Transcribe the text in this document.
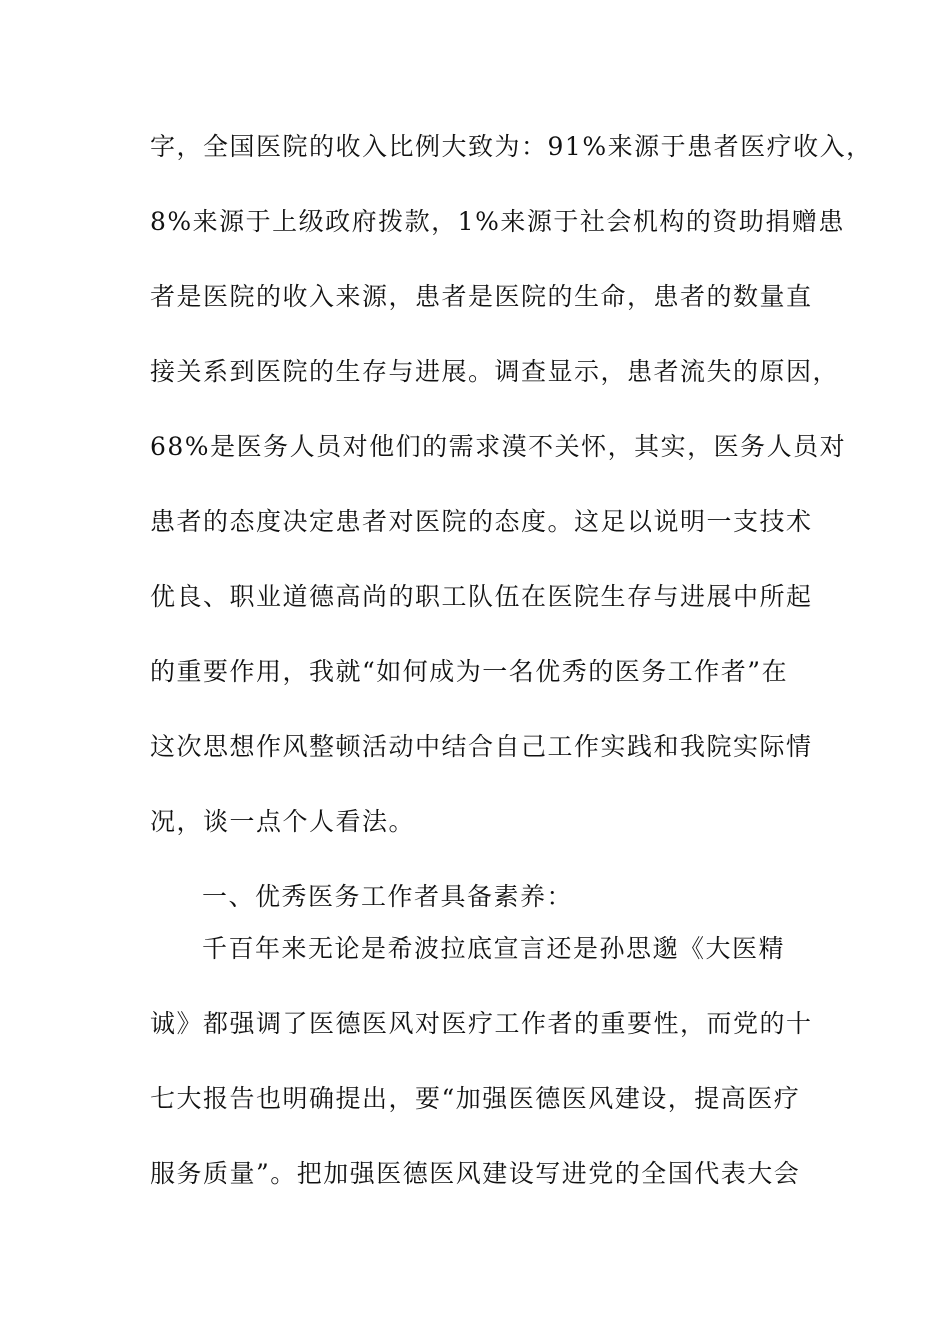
字，全国医院的收入比例大致为：91%来源于患者医疗收入，

8%来源于上级政府拨款，1%来源于社会机构的资助捐赠患

者是医院的收入来源，患者是医院的生命，患者的数量直

接关系到医院的生存与进展。调查显示，患者流失的原因，

68%是医务人员对他们的需求漠不关怀，其实，医务人员对

患者的态度决定患者对医院的态度。这足以说明一支技术

优良、职业道德高尚的职工队伍在医院生存与进展中所起

的重要作用，我就“如何成为一名优秀的医务工作者”在

这次思想作风整顿活动中结合自己工作实践和我院实际情

况，谈一点个人看法。

一、优秀医务工作者具备素养：

千百年来无论是希波拉底宣言还是孙思邈《大医精

诚》都强调了医德医风对医疗工作者的重要性，而党的十

七大报告也明确提出，要“加强医德医风建设，提高医疗

服务质量”。把加强医德医风建设写进党的全国代表大会
